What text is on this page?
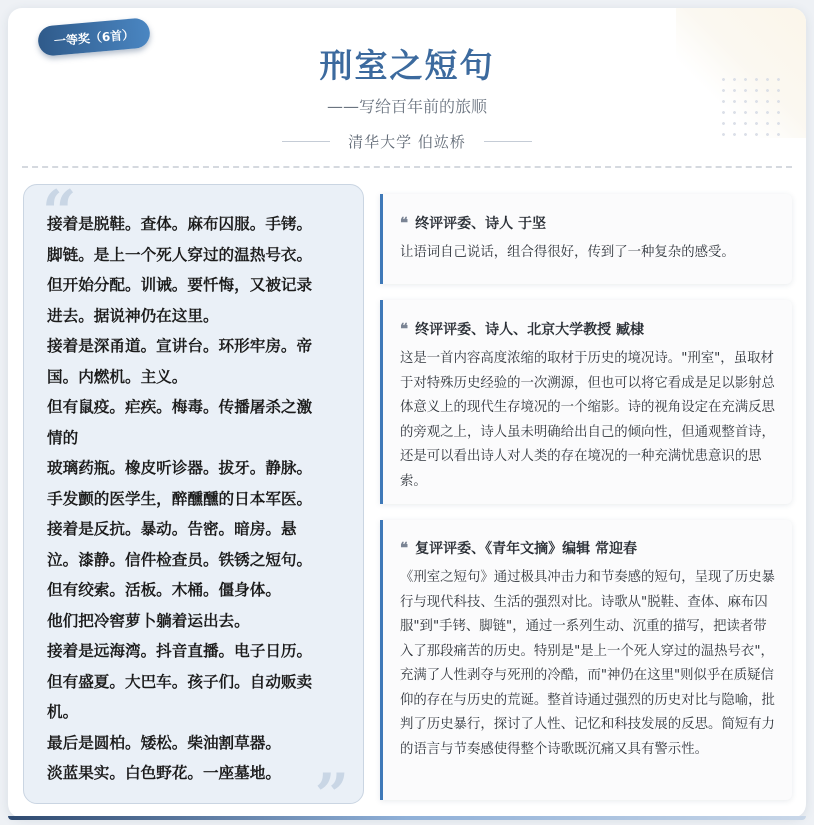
一等奖（6首）
刑室之短句
——写给百年前的旅顺
清华大学 伯竑桥
“
“
接着是脱鞋。查体。麻布囚服。手铐。
脚链。是上一个死人穿过的温热号衣。
但开始分配。训诫。要忏悔，又被记录
进去。据说神仍在这里。
接着是深甬道。宣讲台。环形牢房。帝
国。内燃机。主义。
但有鼠疫。疟疾。梅毒。传播屠杀之激
情的
玻璃药瓶。橡皮听诊器。拔牙。静脉。
手发颤的医学生，醉醺醺的日本军医。
接着是反抗。暴动。告密。暗房。悬
泣。漆静。信件检查员。铁锈之短句。
但有绞索。活板。木桶。僵身体。
他们把冷窖萝卜躺着运出去。
接着是远海湾。抖音直播。电子日历。
但有盛夏。大巴车。孩子们。自动贩卖
机。
最后是圆柏。矮松。柴油割草器。
淡蓝果实。白色野花。一座墓地。
❝ 终评评委、诗人 于坚
让语词自己说话，组合得很好，传到了一种复杂的感受。
❝ 终评评委、诗人、北京大学教授 臧棣
这是一首内容高度浓缩的取材于历史的境况诗。"刑室"，虽取材于对特殊历史经验的一次溯源，但也可以将它看成是足以影射总体意义上的现代生存境况的一个缩影。诗的视角设定在充满反思的旁观之上，诗人虽未明确给出自己的倾向性，但通观整首诗，还是可以看出诗人对人类的存在境况的一种充满忧患意识的思索。
❝ 复评评委、《青年文摘》编辑 常迎春
《刑室之短句》通过极具冲击力和节奏感的短句，呈现了历史暴行与现代科技、生活的强烈对比。诗歌从"脱鞋、查体、麻布囚服"到"手铐、脚链"，通过一系列生动、沉重的描写，把读者带入了那段痛苦的历史。特别是"是上一个死人穿过的温热号衣"，充满了人性剥夺与死刑的冷酷，而"神仍在这里"则似乎在质疑信仰的存在与历史的荒诞。整首诗通过强烈的历史对比与隐喻，批判了历史暴行，探讨了人性、记忆和科技发展的反思。简短有力的语言与节奏感使得整个诗歌既沉痛又具有警示性。
